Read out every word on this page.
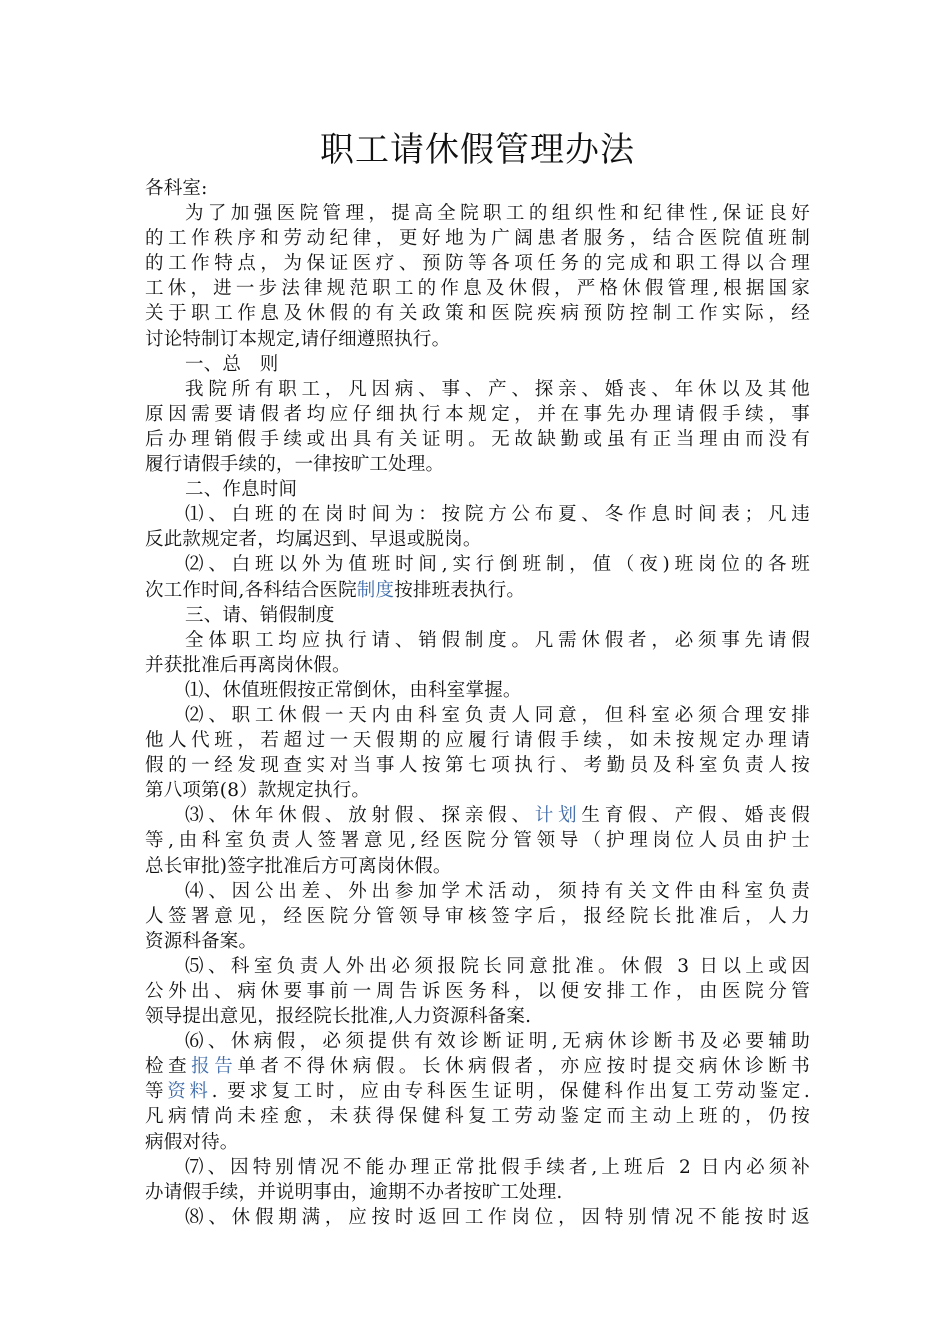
职工请休假管理办法

各科室:

为了加强医院管理，提高全院职工的组织性和纪律性,保证良好

的工作秩序和劳动纪律，更好地为广阔患者服务，结合医院值班制

的工作特点，为保证医疗、预防等各项任务的完成和职工得以合理

工休，进一步法律规范职工的作息及休假，严格休假管理,根据国家

关于职工作息及休假的有关政策和医院疾病预防控制工作实际，经

讨论特制订本规定,请仔细遵照执行。

一、总　则

我院所有职工，凡因病、事、产、探亲、婚丧、年休以及其他

原因需要请假者均应仔细执行本规定，并在事先办理请假手续，事

后办理销假手续或出具有关证明。无故缺勤或虽有正当理由而没有

履行请假手续的，一律按旷工处理。

二、作息时间

⑴、白班的在岗时间为：按院方公布夏、冬作息时间表；凡违

反此款规定者，均属迟到、早退或脱岗。

⑵、白班以外为值班时间,实行倒班制，值（夜)班岗位的各班

次工作时间,各科结合医院制度按排班表执行。

三、请、销假制度

全体职工均应执行请、销假制度。凡需休假者，必须事先请假

并获批准后再离岗休假。

⑴、休值班假按正常倒休，由科室掌握。

⑵、职工休假一天内由科室负责人同意，但科室必须合理安排

他人代班，若超过一天假期的应履行请假手续，如未按规定办理请

假的一经发现查实对当事人按第七项执行、考勤员及科室负责人按

第八项第(8）款规定执行。

⑶、休年休假、放射假、探亲假、计划生育假、产假、婚丧假

等,由科室负责人签署意见,经医院分管领导（护理岗位人员由护士

总长审批)签字批准后方可离岗休假。

⑷、因公出差、外出参加学术活动，须持有关文件由科室负责

人签署意见，经医院分管领导审核签字后，报经院长批准后，人力

资源科备案。

⑸、科室负责人外出必须报院长同意批准。休假 3 日以上或因

公外出、病休要事前一周告诉医务科，以便安排工作，由医院分管

领导提出意见，报经院长批准,人力资源科备案.

⑹、休病假，必须提供有效诊断证明,无病休诊断书及必要辅助

检查报告单者不得休病假。长休病假者，亦应按时提交病休诊断书

等资料. 要求复工时，应由专科医生证明，保健科作出复工劳动鉴定.

凡病情尚未痊愈，未获得保健科复工劳动鉴定而主动上班的，仍按

病假对待。

⑺、因特别情况不能办理正常批假手续者,上班后 2 日内必须补

办请假手续，并说明事由，逾期不办者按旷工处理.

⑻、休假期满，应按时返回工作岗位，因特别情况不能按时返
